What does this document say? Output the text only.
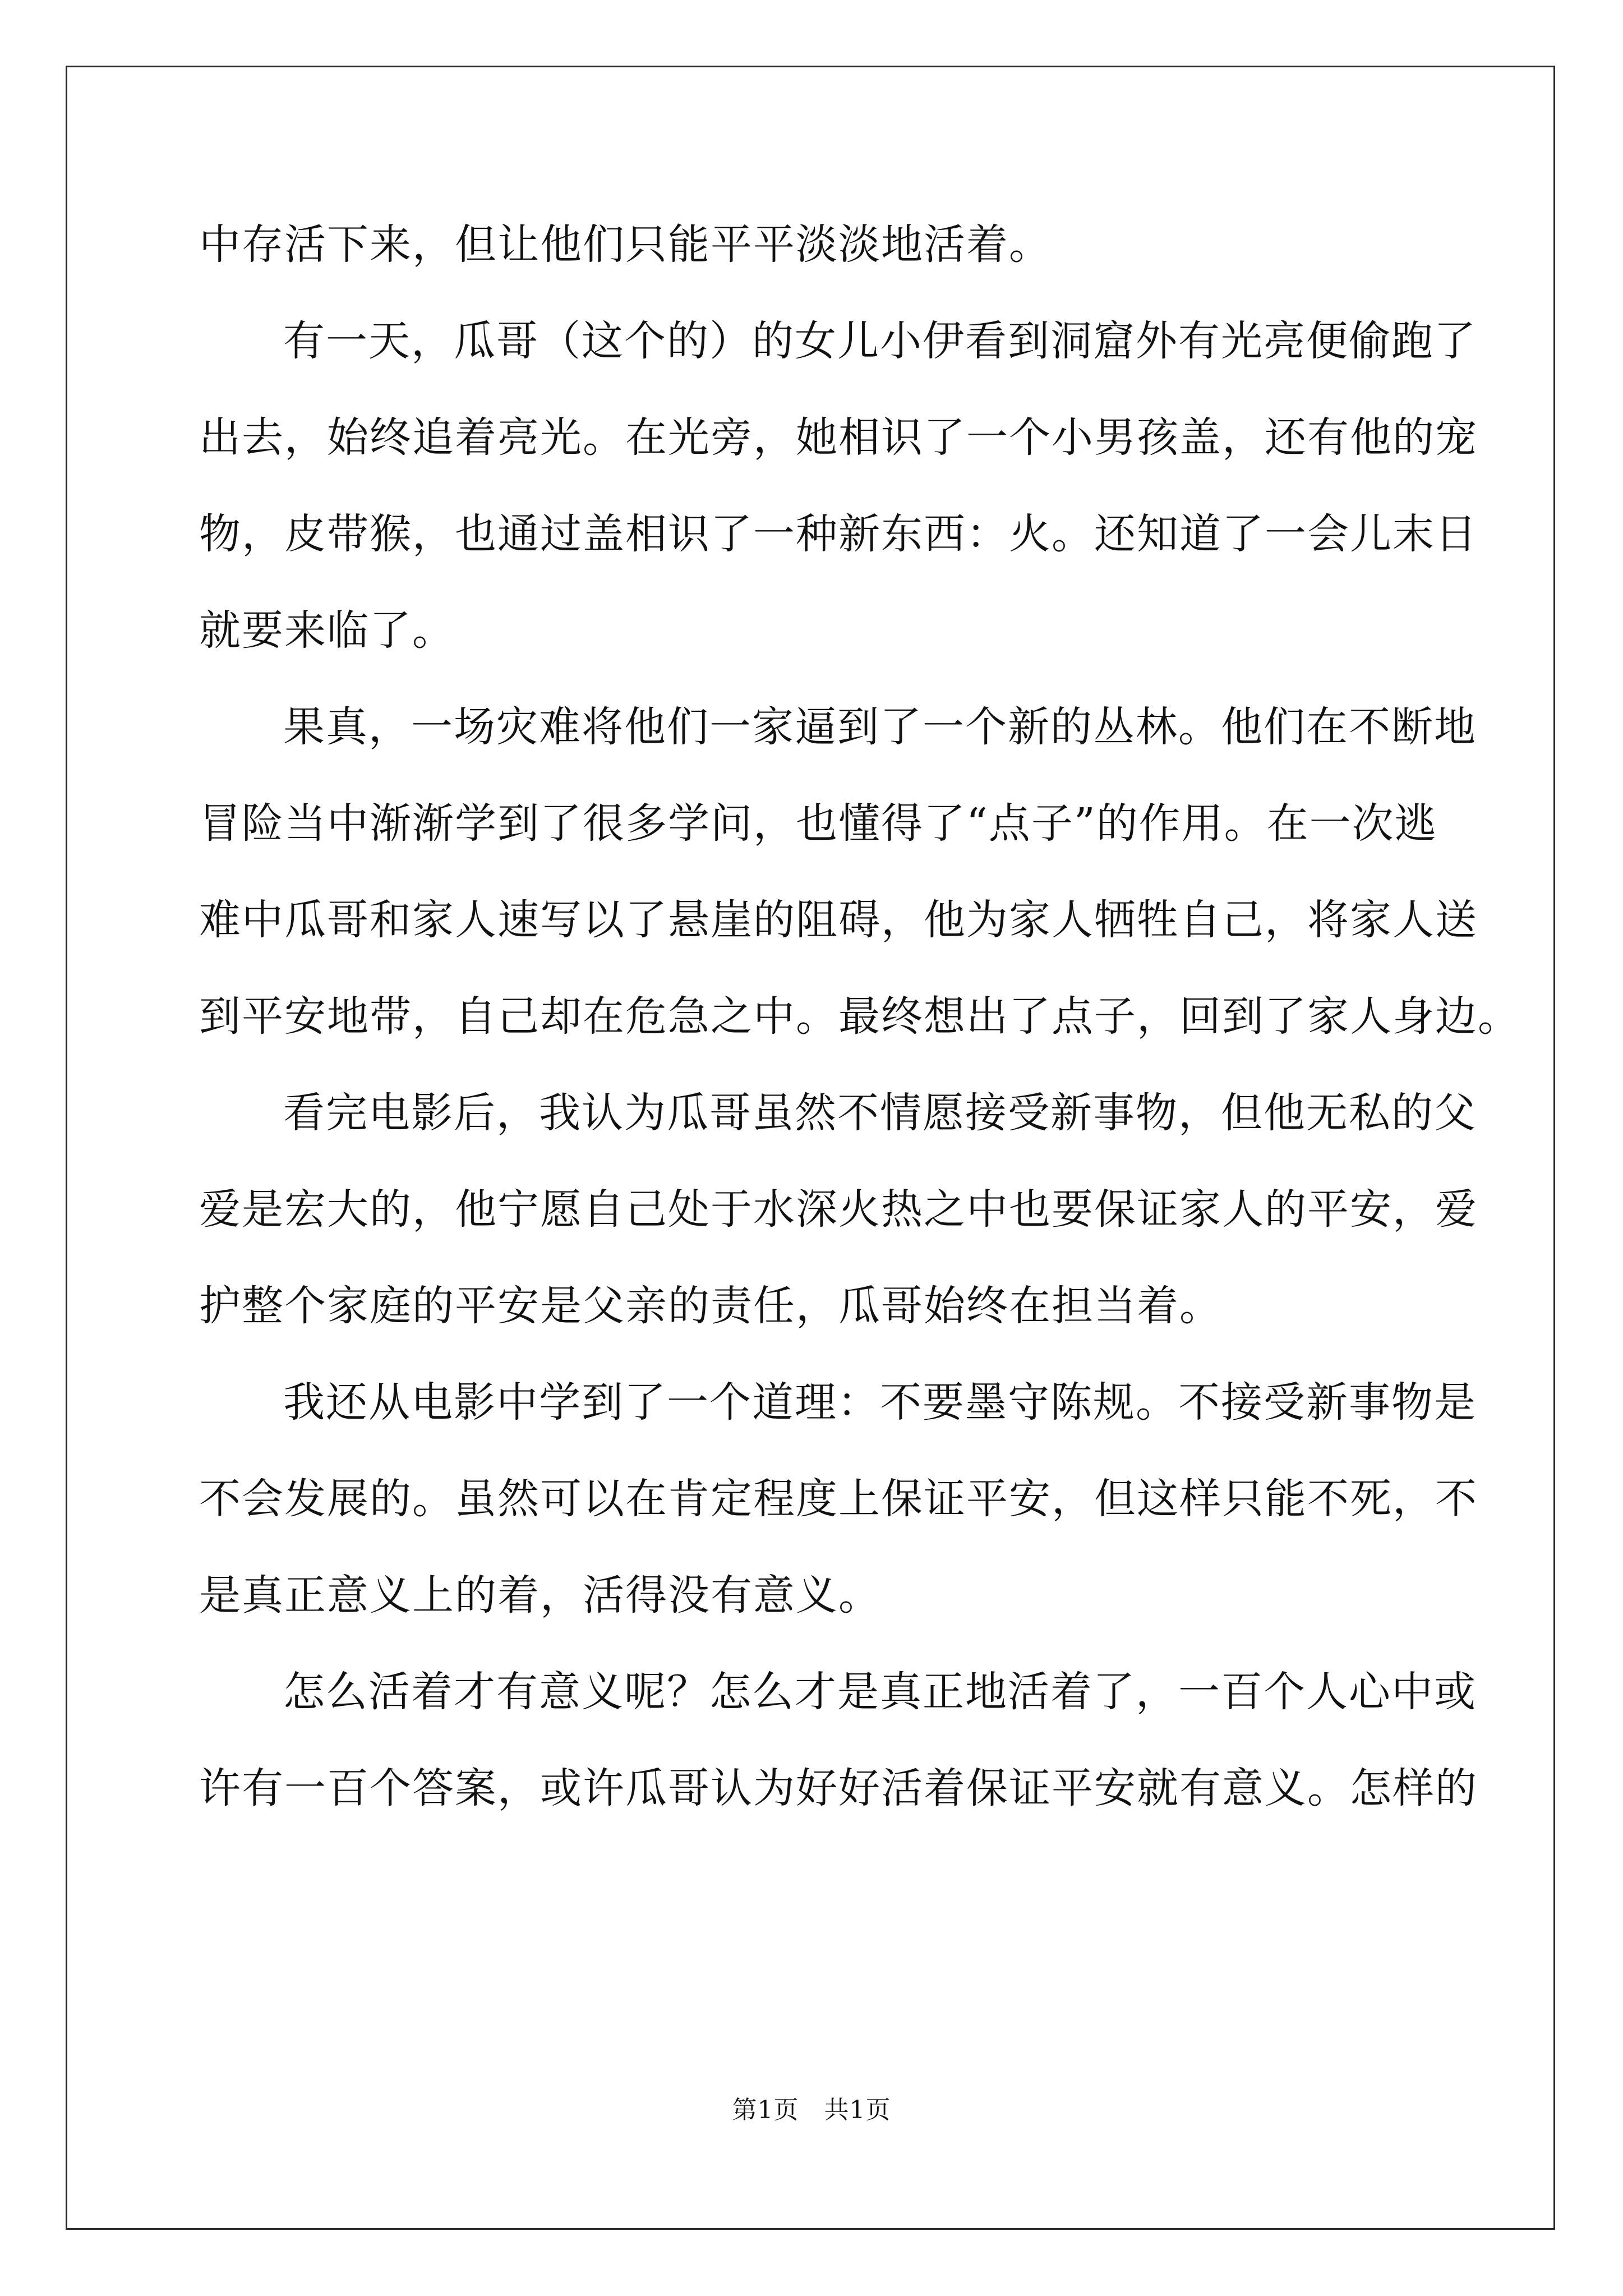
中存活下来，但让他们只能平平淡淡地活着。
有一天，瓜哥（这个的）的女儿小伊看到洞窟外有光亮便偷跑了
出去，始终追着亮光。在光旁，她相识了一个小男孩盖，还有他的宠
物，皮带猴，也通过盖相识了一种新东西：火。还知道了一会儿末日
就要来临了。
果真，一场灾难将他们一家逼到了一个新的丛林。他们在不断地
冒险当中渐渐学到了很多学问，也懂得了“点子”的作用。在一次逃
难中瓜哥和家人速写以了悬崖的阻碍，他为家人牺牲自己，将家人送
到平安地带，自己却在危急之中。最终想出了点子，回到了家人身边。
看完电影后，我认为瓜哥虽然不情愿接受新事物，但他无私的父
爱是宏大的，他宁愿自己处于水深火热之中也要保证家人的平安，爱
护整个家庭的平安是父亲的责任，瓜哥始终在担当着。
我还从电影中学到了一个道理：不要墨守陈规。不接受新事物是
不会发展的。虽然可以在肯定程度上保证平安，但这样只能不死，不
是真正意义上的着，活得没有意义。
怎么活着才有意义呢？怎么才是真正地活着了，一百个人心中或
许有一百个答案，或许瓜哥认为好好活着保证平安就有意义。怎样的

第1页 共1页
